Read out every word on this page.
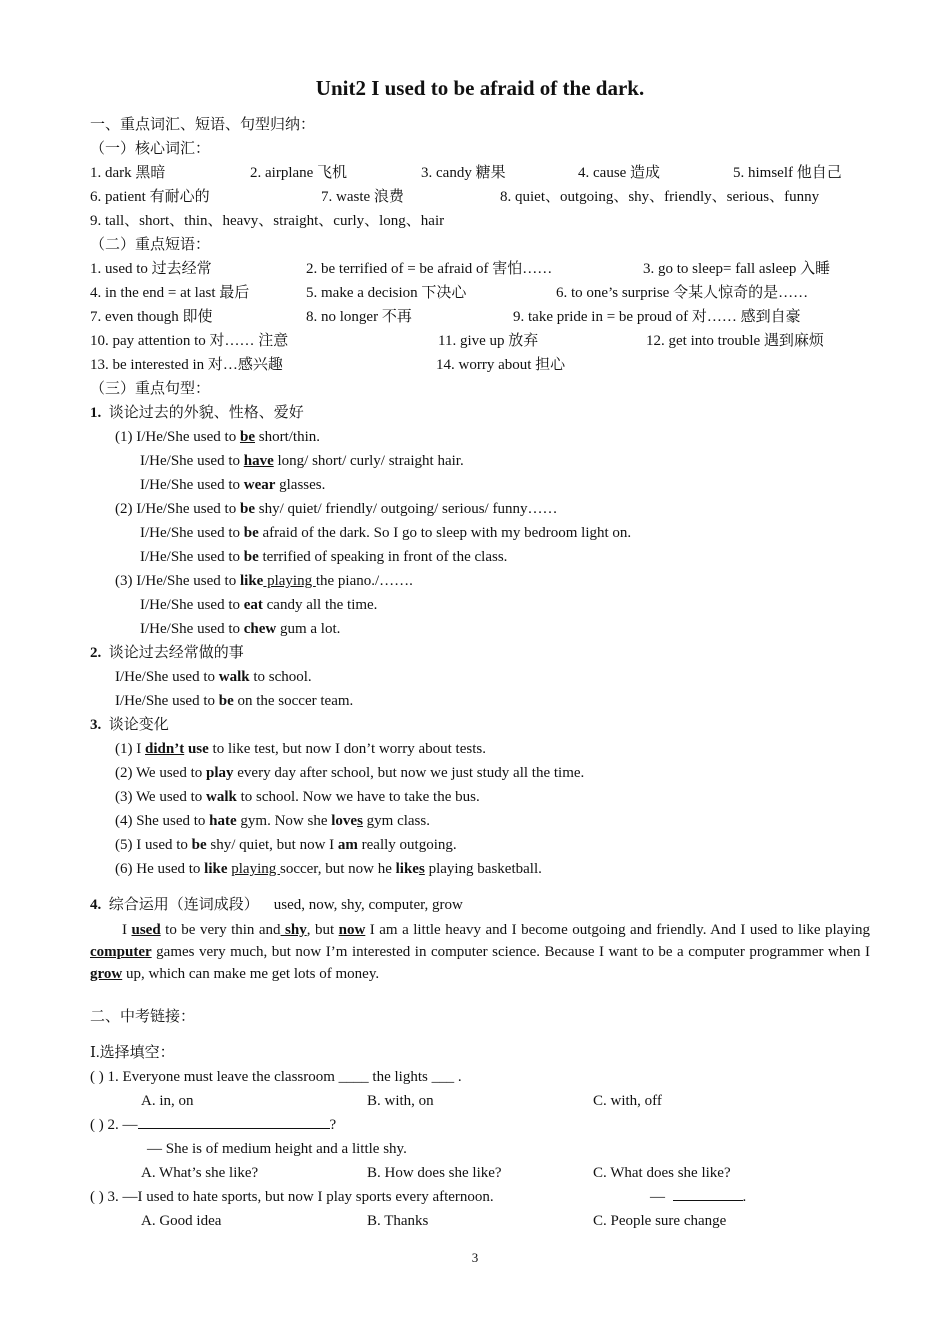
Unit2 I used to be afraid of the dark.
一、重点词汇、短语、句型归纳：
（一）核心词汇：
1. dark 黑暗	2. airplane 飞机	3. candy 糖果	4. cause 造成	5. himself 他自己
6. patient 有耐心的	7. waste 浪费	8. quiet、outgoing、shy、friendly、serious、funny
9. tall、short、thin、heavy、straight、curly、long、hair
（二）重点短语：
1. used to 过去经常	2. be terrified of = be afraid of 害怕……	3. go to sleep= fall asleep 入睡
4. in the end = at last 最后	5. make a decision 下决心	6. to one’s surprise 令某人惊奇的是……
7. even though 即使	8. no longer 不再	9. take pride in = be proud of 对…… 感到自豪
10. pay attention to 对…… 注意	11. give up 放弃	12. get into trouble 遇到麻烦
13. be interested in 对…感兴趣	14. worry about 担心
（三）重点句型：
1. 谈论过去的外貌、性格、爱好
(1) I/He/She used to be short/thin.
I/He/She used to have long/ short/ curly/ straight hair.
I/He/She used to wear glasses.
(2) I/He/She used to be shy/ quiet/ friendly/ outgoing/ serious/ funny……
I/He/She used to be afraid of the dark. So I go to sleep with my bedroom light on.
I/He/She used to be terrified of speaking in front of the class.
(3) I/He/She used to like playing the piano./…….
I/He/She used to eat candy all the time.
I/He/She used to chew gum a lot.
2. 谈论过去经常做的事
I/He/She used to walk to school.
I/He/She used to be on the soccer team.
3. 谈论变化
(1) I didn’t use to like test, but now I don’t worry about tests.
(2) We used to play every day after school, but now we just study all the time.
(3) We used to walk to school. Now we have to take the bus.
(4) She used to hate gym. Now she loves gym class.
(5) I used to be shy/ quiet, but now I am really outgoing.
(6) He used to like playing soccer, but now he likes playing basketball.
4. 综合运用（连词成段） used, now, shy, computer, grow
I used to be very thin and shy, but now I am a little heavy and I become outgoing and friendly. And I used to like playing computer games very much, but now I’m interested in computer science. Because I want to be a computer programmer when I grow up, which can make me get lots of money.
二、中考链接：
Ⅰ.选择填空：
( ) 1. Everyone must leave the classroom ____ the lights ___ .
A. in, on	B. with, on	C. with, off
( ) 2. —	?
— She is of medium height and a little shy.
A. What’s she like?	B. How does she like?	C. What does she like?
( ) 3. —I used to hate sports, but now I play sports every afternoon.	—	.
A. Good idea	B. Thanks	C. People sure change
3
